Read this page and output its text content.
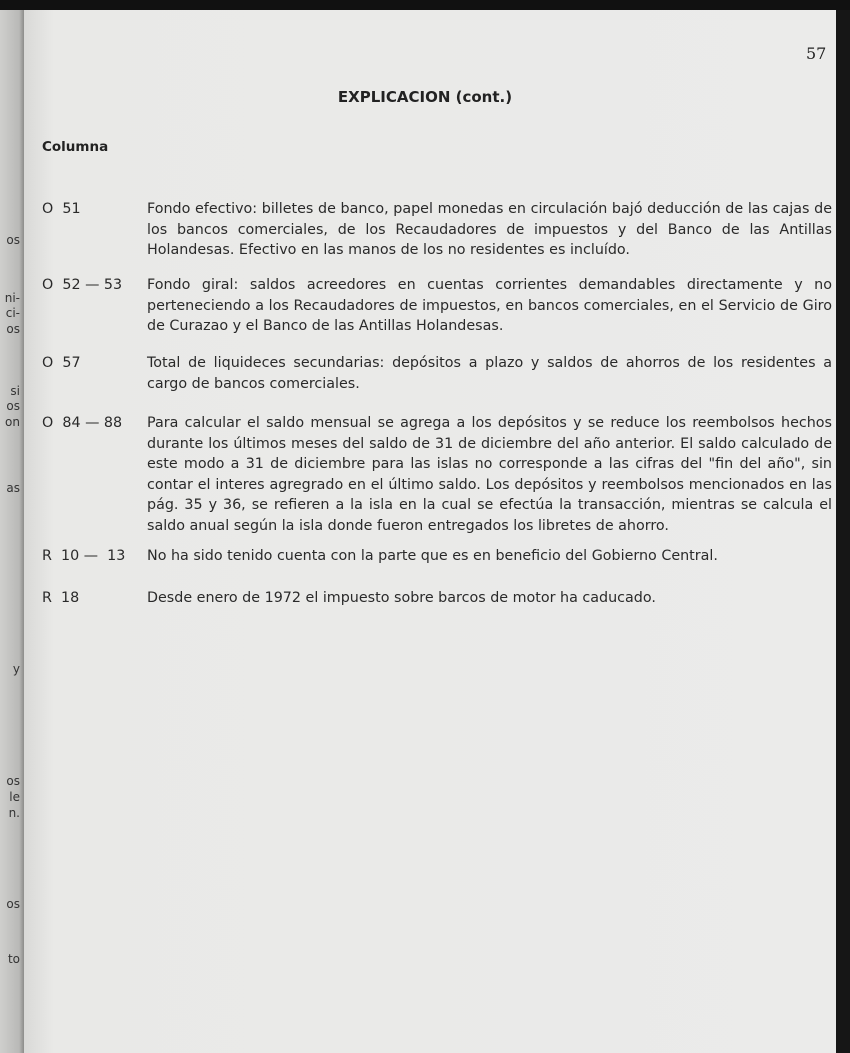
os
ni-
ci-
os
si
os
on
as
y
os
le
n.
os
to
57
EXPLICACION (cont.)
Columna
O  51	Fondo efectivo: billetes de banco, papel monedas en circulación bajó deducción de las cajas de los bancos comerciales, de los Recaudadores de impuestos y del Banco de las Antillas Holandesas. Efectivo en las manos de los no residentes es incluído.
O  52 — 53	Fondo giral: saldos acreedores en cuentas corrientes demandables directamente y no perteneciendo a los Recaudadores de impuestos, en bancos comerciales, en el Servicio de Giro de Curazao y el Banco de las Antillas Holandesas.
O  57	Total de liquideces secundarias: depósitos a plazo y saldos de ahorros de los residentes a cargo de bancos comerciales.
O  84 — 88	Para calcular el saldo mensual se agrega a los depósitos y se reduce los reembolsos hechos durante los últimos meses del saldo de 31 de diciembre del año anterior. El saldo calculado de este modo a 31 de diciembre para las islas no corresponde a las cifras del "fin del año", sin contar el interes agregrado en el último saldo. Los depósitos y reembolsos mencionados en las pág. 35 y 36, se refieren a la isla en la cual se efectúa la transacción, mientras se calcula el saldo anual según la isla donde fueron entregados los libretes de ahorro.
R  10 —  13	No ha sido tenido cuenta con la parte que es en beneficio del Gobierno Central.
R  18	Desde enero de 1972 el impuesto sobre barcos de motor ha caducado.
